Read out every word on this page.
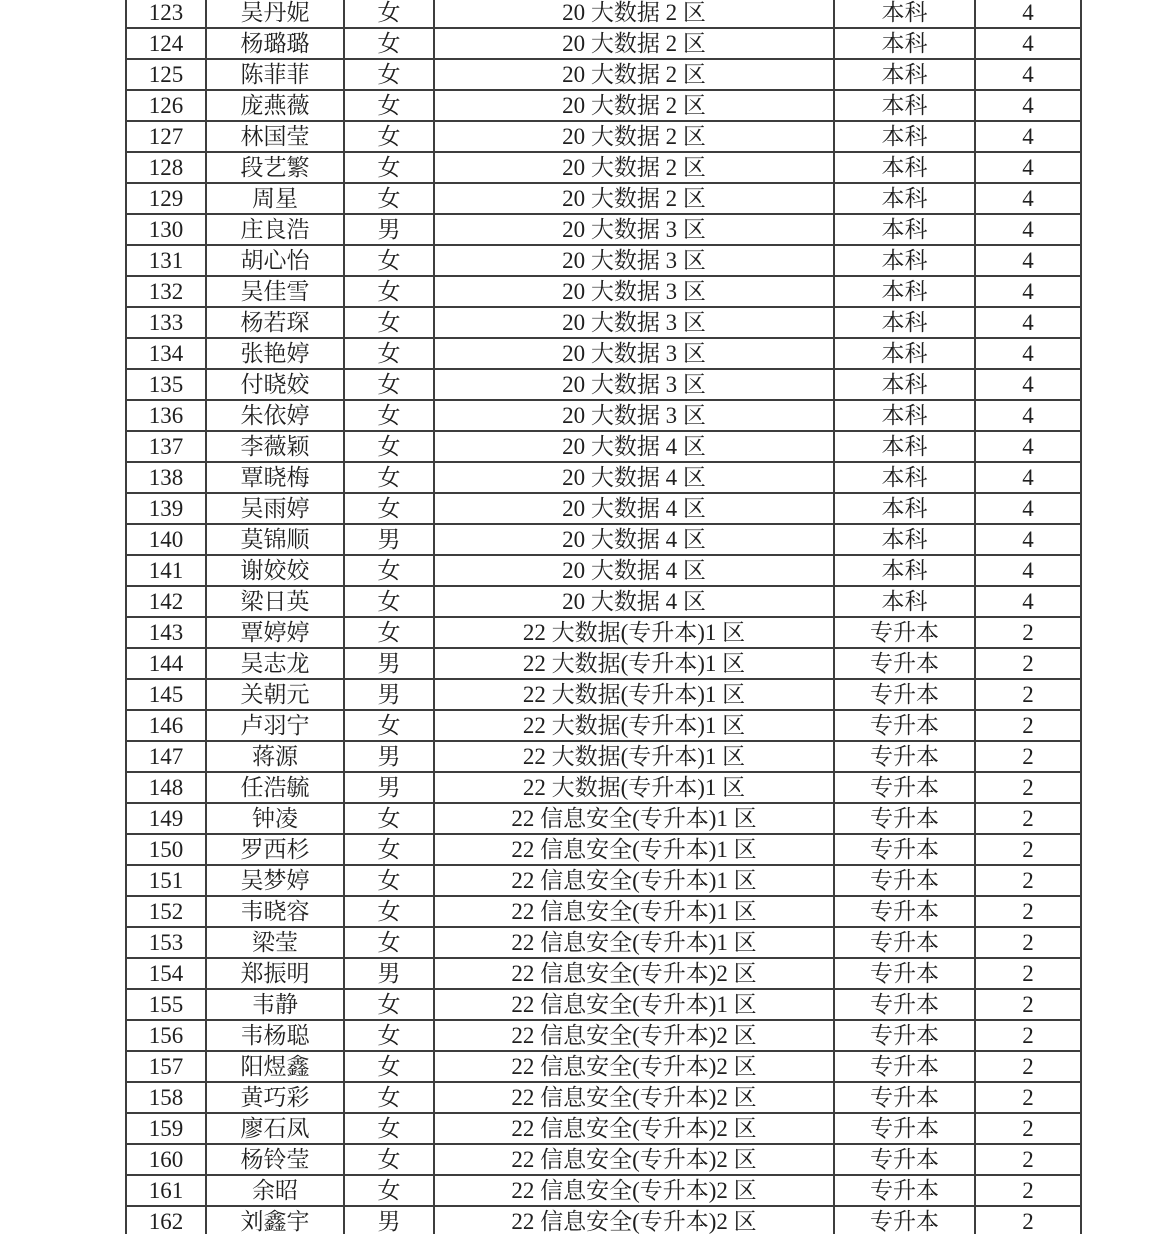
123	吴丹妮	女	20 大数据 2 区	本科	4
124	杨璐璐	女	20 大数据 2 区	本科	4
125	陈菲菲	女	20 大数据 2 区	本科	4
126	庞燕薇	女	20 大数据 2 区	本科	4
127	林国莹	女	20 大数据 2 区	本科	4
128	段艺繁	女	20 大数据 2 区	本科	4
129	周星	女	20 大数据 2 区	本科	4
130	庄良浩	男	20 大数据 3 区	本科	4
131	胡心怡	女	20 大数据 3 区	本科	4
132	吴佳雪	女	20 大数据 3 区	本科	4
133	杨若琛	女	20 大数据 3 区	本科	4
134	张艳婷	女	20 大数据 3 区	本科	4
135	付晓姣	女	20 大数据 3 区	本科	4
136	朱依婷	女	20 大数据 3 区	本科	4
137	李薇颖	女	20 大数据 4 区	本科	4
138	覃晓梅	女	20 大数据 4 区	本科	4
139	吴雨婷	女	20 大数据 4 区	本科	4
140	莫锦顺	男	20 大数据 4 区	本科	4
141	谢姣姣	女	20 大数据 4 区	本科	4
142	梁日英	女	20 大数据 4 区	本科	4
143	覃婷婷	女	22 大数据(专升本)1 区	专升本	2
144	吴志龙	男	22 大数据(专升本)1 区	专升本	2
145	关朝元	男	22 大数据(专升本)1 区	专升本	2
146	卢羽宁	女	22 大数据(专升本)1 区	专升本	2
147	蒋源	男	22 大数据(专升本)1 区	专升本	2
148	任浩毓	男	22 大数据(专升本)1 区	专升本	2
149	钟凌	女	22 信息安全(专升本)1 区	专升本	2
150	罗西杉	女	22 信息安全(专升本)1 区	专升本	2
151	吴梦婷	女	22 信息安全(专升本)1 区	专升本	2
152	韦晓容	女	22 信息安全(专升本)1 区	专升本	2
153	梁莹	女	22 信息安全(专升本)1 区	专升本	2
154	郑振明	男	22 信息安全(专升本)2 区	专升本	2
155	韦静	女	22 信息安全(专升本)1 区	专升本	2
156	韦杨聪	女	22 信息安全(专升本)2 区	专升本	2
157	阳煜鑫	女	22 信息安全(专升本)2 区	专升本	2
158	黄巧彩	女	22 信息安全(专升本)2 区	专升本	2
159	廖石凤	女	22 信息安全(专升本)2 区	专升本	2
160	杨铃莹	女	22 信息安全(专升本)2 区	专升本	2
161	余昭	女	22 信息安全(专升本)2 区	专升本	2
162	刘鑫宇	男	22 信息安全(专升本)2 区	专升本	2
